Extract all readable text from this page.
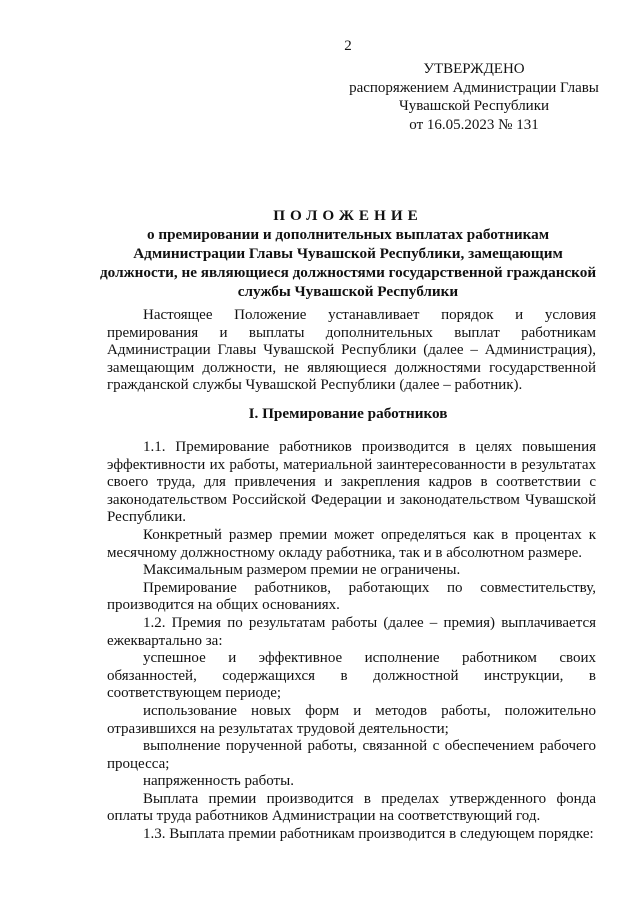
2
УТВЕРЖДЕНО
распоряжением Администрации Главы
Чувашской Республики
от 16.05.2023 № 131
ПОЛОЖЕНИЕ
о премировании и дополнительных выплатах работникам
Администрации Главы Чувашской Республики, замещающим
должности, не являющиеся должностями государственной гражданской
службы Чувашской Республики

Настоящее Положение устанавливает порядок и условия премирования и выплаты дополнительных выплат работникам Администрации Главы Чувашской Республики (далее – Администрация), замещающим должности, не являющиеся должностями государственной гражданской службы Чувашской Республики (далее – работник).

I. Премирование работников

1.1. Премирование работников производится в целях повышения эффективности их работы, материальной заинтересованности в результатах своего труда, для привлечения и закрепления кадров в соответствии с законодательством Российской Федерации и законодательством Чувашской Республики.

Конкретный размер премии может определяться как в процентах к месячному должностному окладу работника, так и в абсолютном размере.

Максимальным размером премии не ограничены.

Премирование работников, работающих по совместительству, производится на общих основаниях.

1.2. Премия по результатам работы (далее – премия) выплачивается ежеквартально за:

успешное и эффективное исполнение работником своих обязанностей, содержащихся в должностной инструкции, в соответствующем периоде;

использование новых форм и методов работы, положительно отразившихся на результатах трудовой деятельности;

выполнение порученной работы, связанной с обеспечением рабочего процесса;

напряженность работы.

Выплата премии производится в пределах утвержденного фонда оплаты труда работников Администрации на соответствующий год.

1.3. Выплата премии работникам производится в следующем порядке:
